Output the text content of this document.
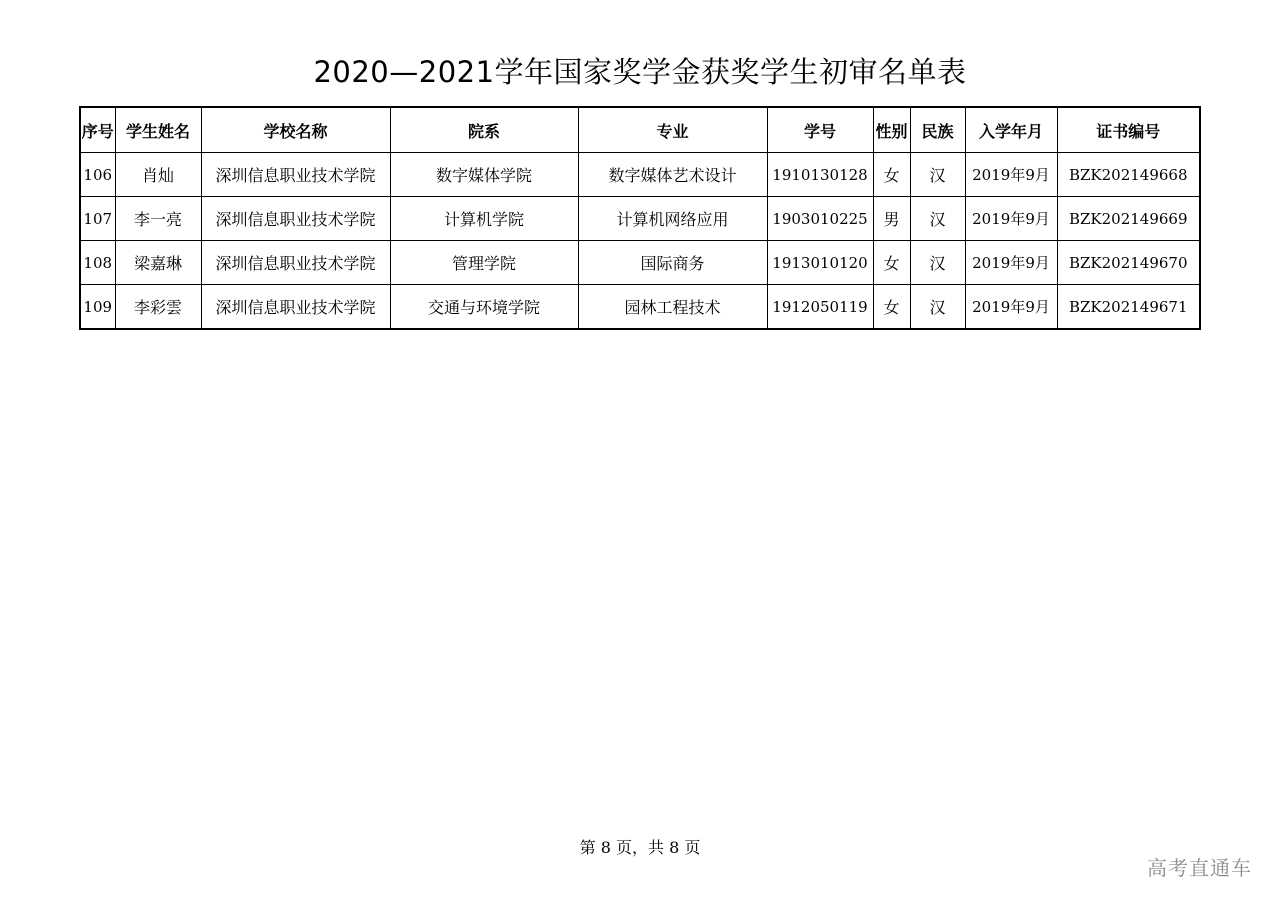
2020—2021学年国家奖学金获奖学生初审名单表
序号	学生姓名	学校名称	院系	专业	学号	性别	民族	入学年月	证书编号
106	肖灿	深圳信息职业技术学院	数字媒体学院	数字媒体艺术设计	1910130128	女	汉	2019年9月	BZK202149668
107	李一亮	深圳信息职业技术学院	计算机学院	计算机网络应用	1903010225	男	汉	2019年9月	BZK202149669
108	梁嘉琳	深圳信息职业技术学院	管理学院	国际商务	1913010120	女	汉	2019年9月	BZK202149670
109	李彩雲	深圳信息职业技术学院	交通与环境学院	园林工程技术	1912050119	女	汉	2019年9月	BZK202149671
第 8 页，共 8 页
高考直通车
